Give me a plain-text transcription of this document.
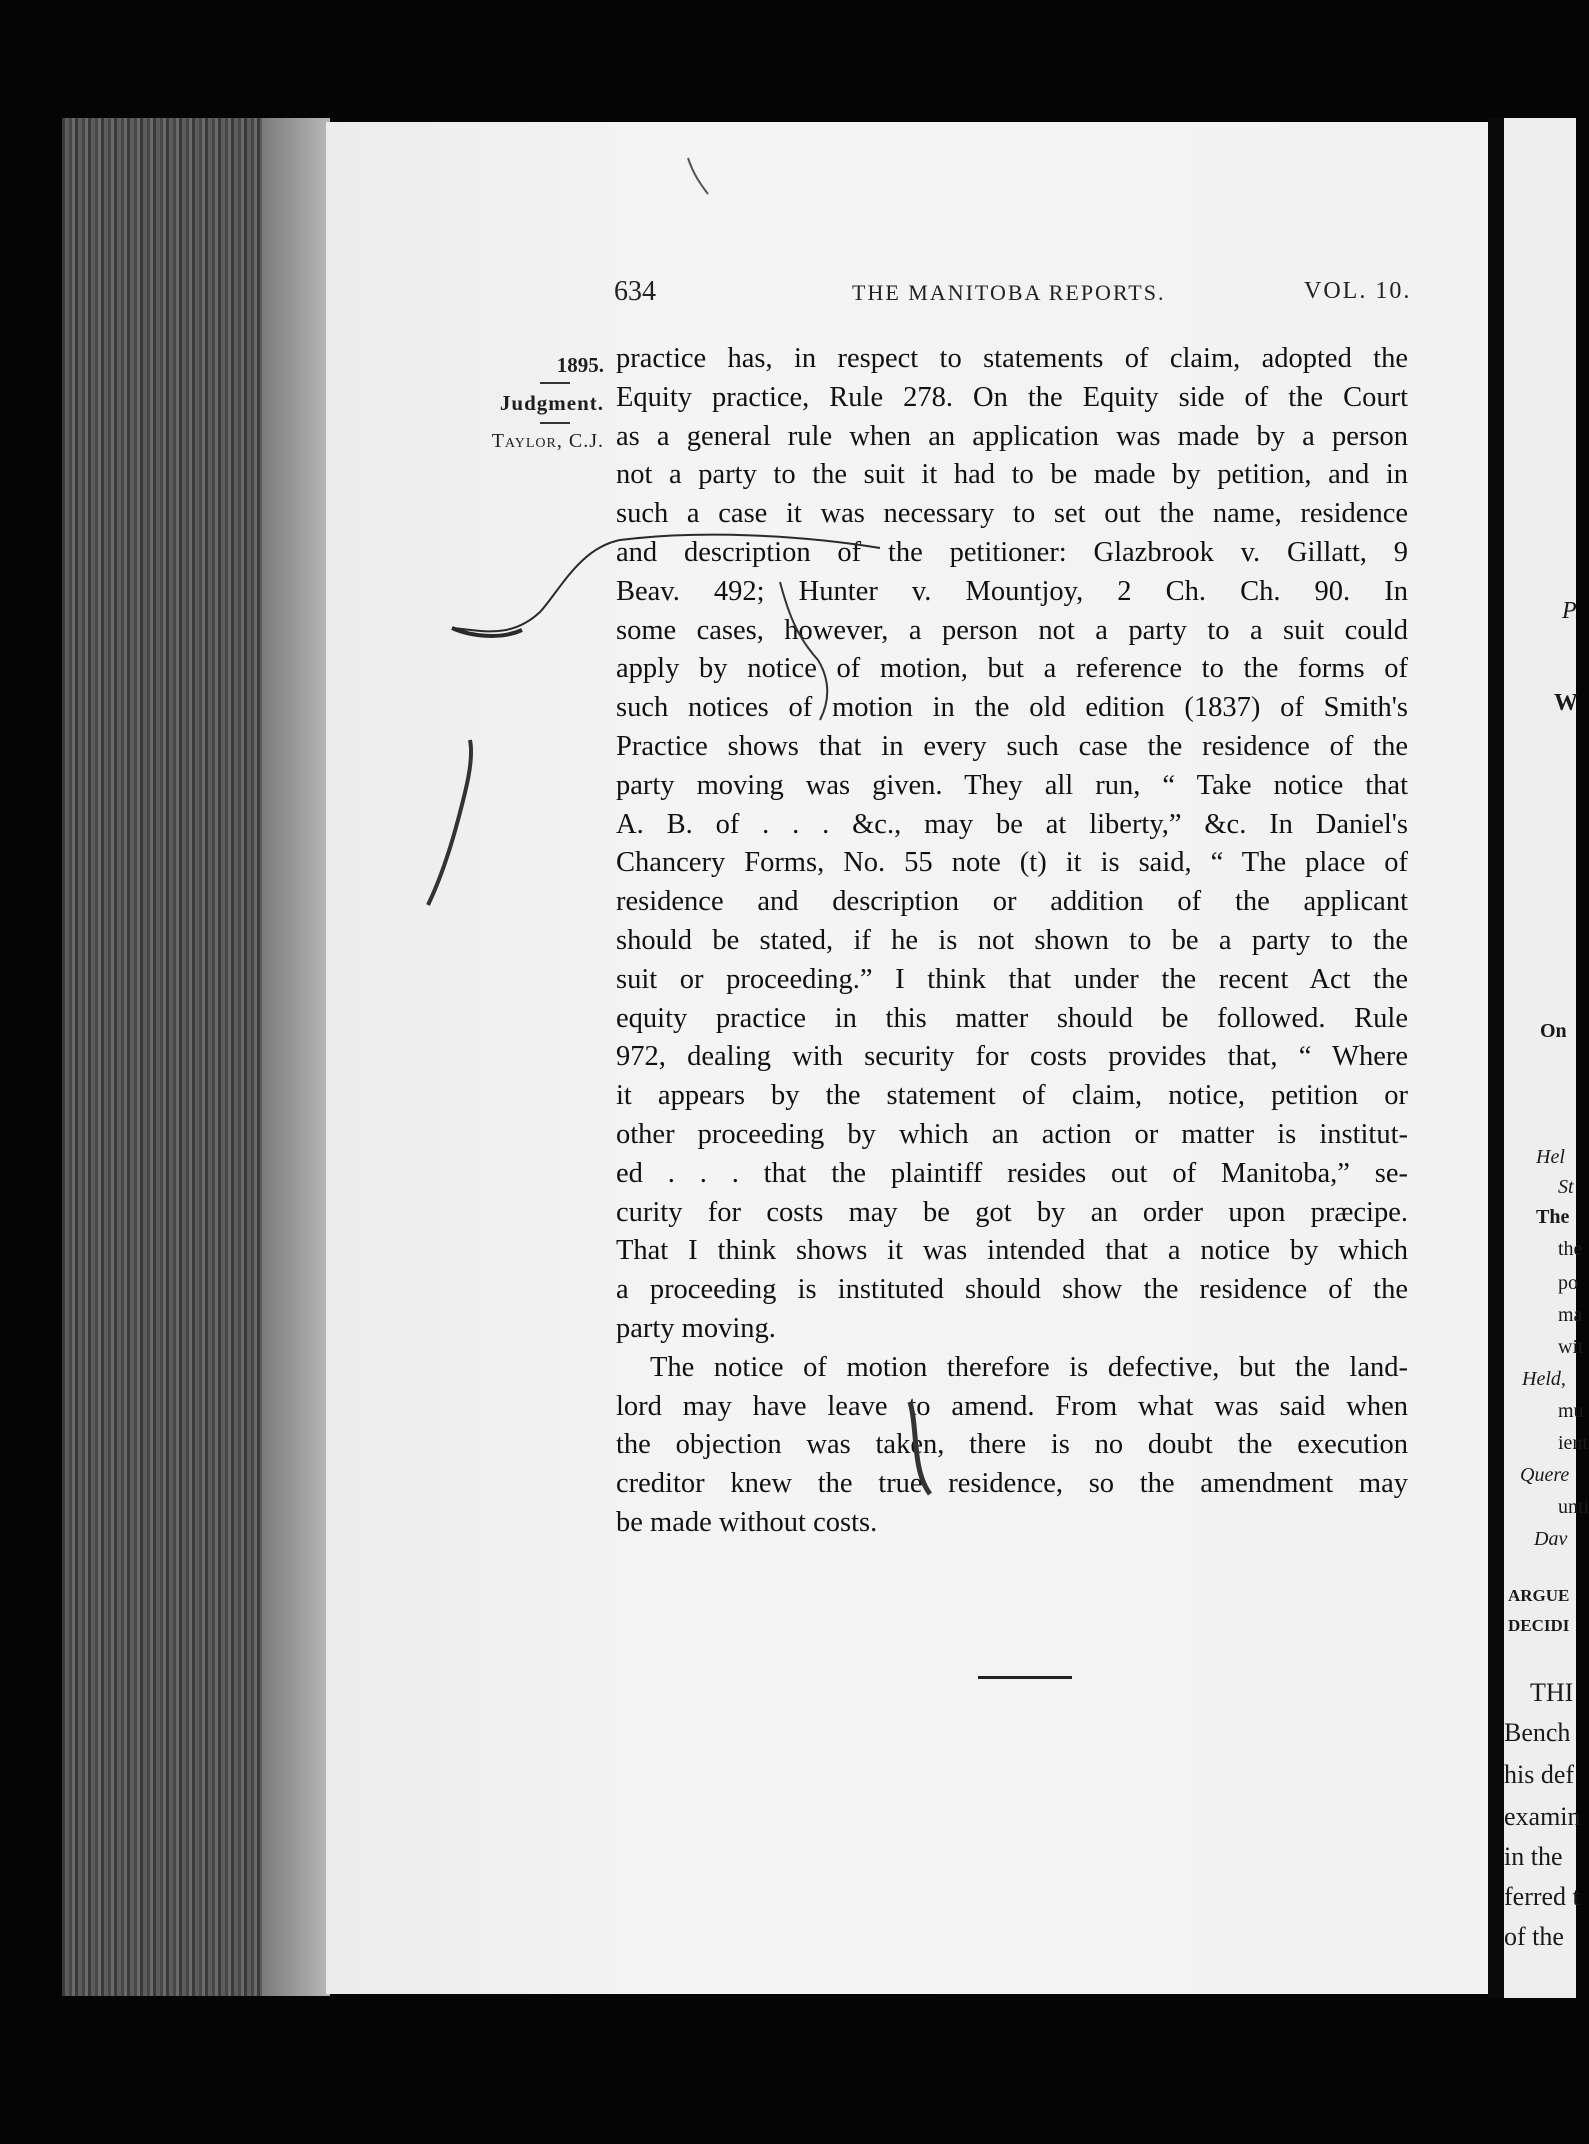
P
W
On
Hel
St
The
the
po
ma
wit
Held,
mu
ient
Quere
unti
Dav
ARGUE
DECIDI
THI
Bench
his def
examin
in the
ferred t
of the
634	THE MANITOBA REPORTS.	VOL. 10.
1895.
Judgment.
Taylor, C.J.
practice has, in respect to statements of claim, adopted the
Equity practice, Rule 278. On the Equity side of the Court
as a general rule when an application was made by a person
not a party to the suit it had to be made by petition, and in
such a case it was necessary to set out the name, residence
and description of the petitioner: Glazbrook v. Gillatt, 9
Beav. 492; Hunter v. Mountjoy, 2 Ch. Ch. 90. In
some cases, however, a person not a party to a suit could
apply by notice of motion, but a reference to the forms of
such notices of motion in the old edition (1837) of Smith's
Practice shows that in every such case the residence of the
party moving was given. They all run, “ Take notice that
A. B. of . . . &c., may be at liberty,” &c. In Daniel's
Chancery Forms, No. 55 note (t) it is said, “ The place of
residence and description or addition of the applicant
should be stated, if he is not shown to be a party to the
suit or proceeding.” I think that under the recent Act the
equity practice in this matter should be followed. Rule
972, dealing with security for costs provides that, “ Where
it appears by the statement of claim, notice, petition or
other proceeding by which an action or matter is institut-
ed . . . that the plaintiff resides out of Manitoba,” se-
curity for costs may be got by an order upon præcipe.
That I think shows it was intended that a notice by which
a proceeding is instituted should show the residence of the
party moving.
The notice of motion therefore is defective, but the land-
lord may have leave to amend. From what was said when
the objection was taken, there is no doubt the execution
creditor knew the true residence, so the amendment may
be made without costs.
